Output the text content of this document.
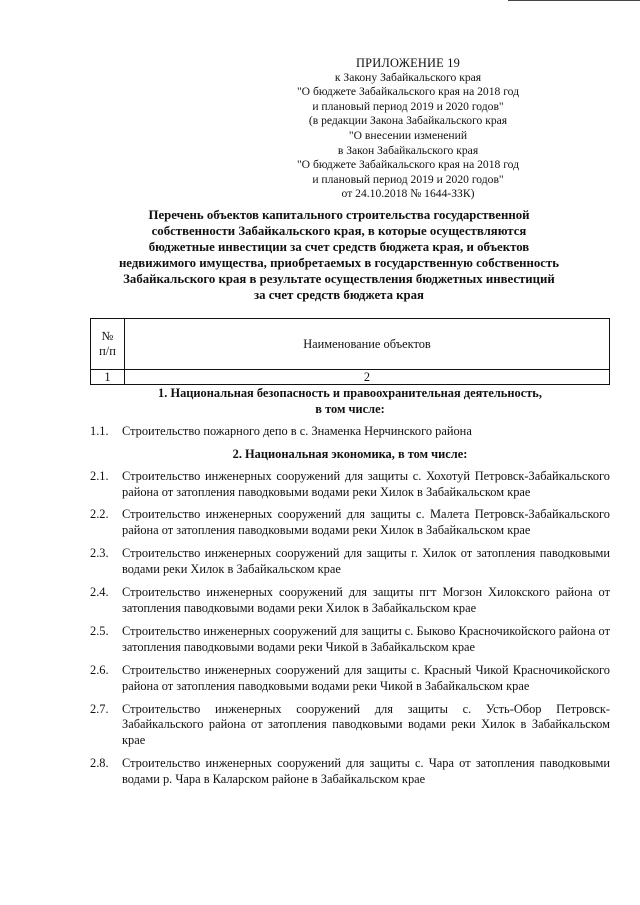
ПРИЛОЖЕНИЕ 19
к Закону Забайкальского края
"О бюджете Забайкальского края на 2018 год
и плановый период 2019 и 2020 годов"
(в редакции Закона Забайкальского края
"О внесении изменений
в Закон Забайкальского края
"О бюджете Забайкальского края на 2018 год
и плановый период 2019 и 2020 годов"
от 24.10.2018 № 1644-ЗЗК)
Перечень объектов капитального строительства государственной
собственности Забайкальского края, в которые осуществляются
бюджетные инвестиции за счет средств бюджета края, и объектов
недвижимого имущества, приобретаемых в государственную собственность
Забайкальского края в результате осуществления бюджетных инвестиций
за счет средств бюджета края
№
п/п	Наименование объектов
1	2
1. Национальная безопасность и правоохранительная деятельность,
в том числе:
1.1.	Строительство пожарного депо в с. Знаменка Нерчинского района
2. Национальная экономика, в том числе:
2.1.	Строительство инженерных сооружений для защиты с. Хохотуй Петровск-Забайкальского района от затопления паводковыми водами реки Хилок в Забайкальском крае
2.2.	Строительство инженерных сооружений для защиты с. Малета Петровск-Забайкальского района от затопления паводковыми водами реки Хилок в Забайкальском крае
2.3.	Строительство инженерных сооружений для защиты г. Хилок от затопления паводковыми водами реки Хилок в Забайкальском крае
2.4.	Строительство инженерных сооружений для защиты пгт Могзон Хилокского района от затопления паводковыми водами реки Хилок в Забайкальском крае
2.5.	Строительство инженерных сооружений для защиты с. Быково Красночикойского района от затопления паводковыми водами реки Чикой в Забайкальском крае
2.6.	Строительство инженерных сооружений для защиты с. Красный Чикой Красночикойского района от затопления паводковыми водами реки Чикой в Забайкальском крае
2.7.	Строительство инженерных сооружений для защиты с. Усть-Обор Петровск-Забайкальского района от затопления паводковыми водами реки Хилок в Забайкальском крае
2.8.	Строительство инженерных сооружений для защиты с. Чара от затопления паводковыми водами р. Чара в Каларском районе в Забайкальском крае
